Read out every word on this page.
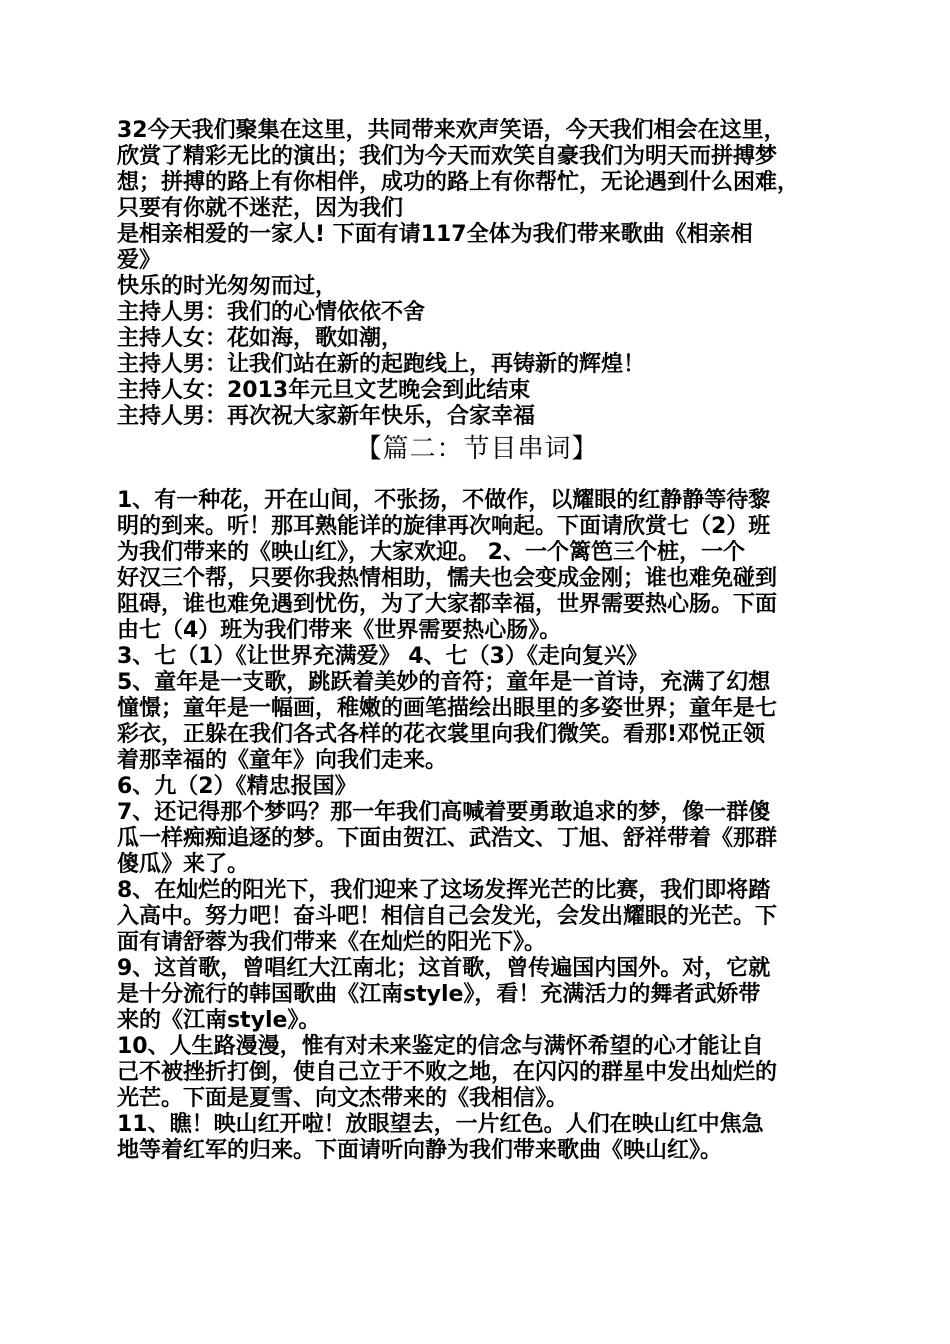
32今天我们聚集在这里，共同带来欢声笑语，今天我们相会在这里，
欣赏了精彩无比的演出；我们为今天而欢笑自豪我们为明天而拼搏梦
想；拼搏的路上有你相伴，成功的路上有你帮忙，无论遇到什么困难，
只要有你就不迷茫，因为我们
是相亲相爱的一家人! 下面有请117全体为我们带来歌曲《相亲相
爱》
快乐的时光匆匆而过，
主持人男：我们的心情依依不舍
主持人女：花如海，歌如潮，
主持人男：让我们站在新的起跑线上，再铸新的辉煌！
主持人女：2013年元旦文艺晚会到此结束
主持人男：再次祝大家新年快乐，合家幸福
【篇二：节目串词】
1、有一种花，开在山间，不张扬，不做作，以耀眼的红静静等待黎
明的到来。听！那耳熟能详的旋律再次响起。下面请欣赏七（2）班
为我们带来的《映山红》，大家欢迎。 2、一个篱笆三个桩，一个
好汉三个帮，只要你我热情相助，懦夫也会变成金刚；谁也难免碰到
阻碍，谁也难免遇到忧伤，为了大家都幸福，世界需要热心肠。下面
由七（4）班为我们带来《世界需要热心肠》。
3、七（1）《让世界充满爱》 4、七（3）《走向复兴》
5、童年是一支歌，跳跃着美妙的音符；童年是一首诗，充满了幻想
憧憬；童年是一幅画，稚嫩的画笔描绘出眼里的多姿世界；童年是七
彩衣，正躲在我们各式各样的花衣裳里向我们微笑。看那!邓悦正领
着那幸福的《童年》向我们走来。
6、九（2）《精忠报国》
7、还记得那个梦吗？那一年我们高喊着要勇敢追求的梦，像一群傻
瓜一样痴痴追逐的梦。下面由贺江、武浩文、丁旭、舒祥带着《那群
傻瓜》来了。
8、在灿烂的阳光下，我们迎来了这场发挥光芒的比赛，我们即将踏
入高中。努力吧！奋斗吧！相信自己会发光，会发出耀眼的光芒。下
面有请舒蓉为我们带来《在灿烂的阳光下》。
9、这首歌，曾唱红大江南北；这首歌，曾传遍国内国外。对，它就
是十分流行的韩国歌曲《江南style》，看！充满活力的舞者武娇带
来的《江南style》。
10、人生路漫漫，惟有对未来鉴定的信念与满怀希望的心才能让自
己不被挫折打倒，使自己立于不败之地，在闪闪的群星中发出灿烂的
光芒。下面是夏雪、向文杰带来的《我相信》。
11、瞧！映山红开啦！放眼望去，一片红色。人们在映山红中焦急
地等着红军的归来。下面请听向静为我们带来歌曲《映山红》。
